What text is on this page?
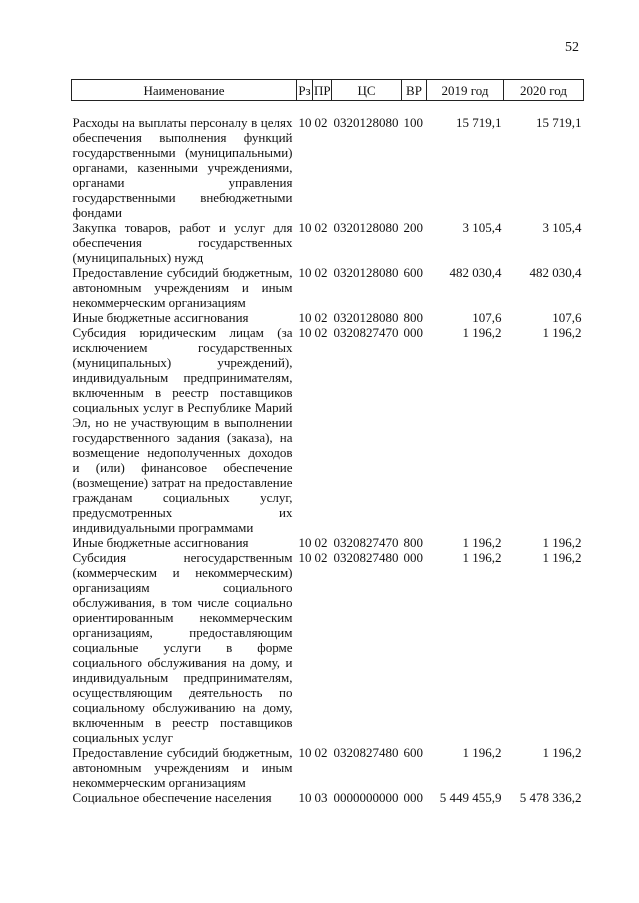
52
Наименование	Рз	ПР	ЦС	ВР	2019 год	2020 год
Расходы на выплаты персоналу в целях обеспечения выполнения функций государственными (муниципальными) органами, казенными учреждениями, органами управления государственными внебюджетными фондами	10	02	0320128080	100	15 719,1	15 719,1
Закупка товаров, работ и услуг для обеспечения государственных (муниципальных) нужд	10	02	0320128080	200	3 105,4	3 105,4
Предоставление субсидий бюджетным, автономным учреждениям и иным некоммерческим организациям	10	02	0320128080	600	482 030,4	482 030,4
Иные бюджетные ассигнования	10	02	0320128080	800	107,6	107,6
Субсидия юридическим лицам (за исключением государственных (муниципальных) учреждений), индивидуальным предпринимателям, включенным в реестр поставщиков социальных услуг в Республике Марий Эл, но не участвующим в выполнении государственного задания (заказа), на возмещение недополученных доходов и (или) финансовое обеспечение (возмещение) затрат на предоставление гражданам социальных услуг, предусмотренных их индивидуальными программами	10	02	0320827470	000	1 196,2	1 196,2
Иные бюджетные ассигнования	10	02	0320827470	800	1 196,2	1 196,2
Субсидия негосударственным (коммерческим и некоммерческим) организациям социального обслуживания, в том числе социально ориентированным некоммерческим организациям, предоставляющим социальные услуги в форме социального обслуживания на дому, и индивидуальным предпринимателям, осуществляющим деятельность по социальному обслуживанию на дому, включенным в реестр поставщиков социальных услуг	10	02	0320827480	000	1 196,2	1 196,2
Предоставление субсидий бюджетным, автономным учреждениям и иным некоммерческим организациям	10	02	0320827480	600	1 196,2	1 196,2
Социальное обеспечение населения	10	03	0000000000	000	5 449 455,9	5 478 336,2
